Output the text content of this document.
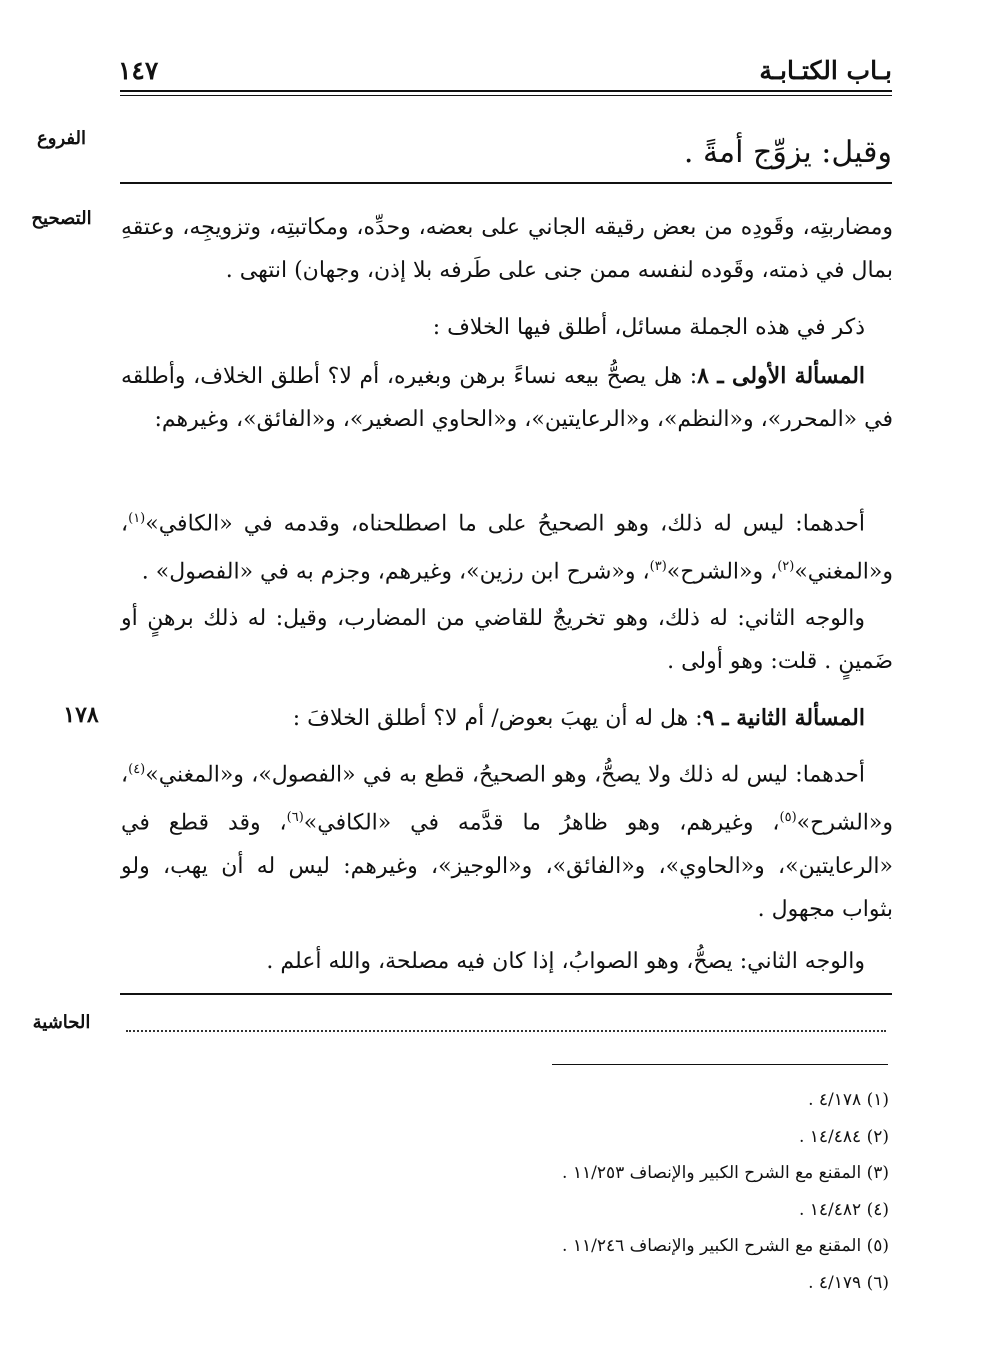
بـاب الكتـابـة
١٤٧
الفروع
التصحيح
الحاشية
وقيل: يزوِّج أمةً .
ومضاربتِه، وقَودِه من بعض رقيقه الجاني على بعضه، وحدِّه، ومكاتبتِه، وتزويجِه، وعتقهِ بمال في ذمته، وقَوده لنفسه ممن جنى على طَرفه بلا إذن، وجهان) انتهى .
ذكر في هذه الجملة مسائل، أطلق فيها الخلاف :
المسألة الأولى ـ ٨: هل يصحُّ بيعه نساءً برهن وبغيره، أم لا؟ أطلق الخلاف، وأطلقه في «المحرر»، و«النظم»، و«الرعايتين»، و«الحاوي الصغير»، و«الفائق»، وغيرهم:
أحدهما: ليس له ذلك، وهو الصحيحُ على ما اصطلحناه، وقدمه في «الكافي»$^{(١)}$، و«المغني»$^{(٢)}$، و«الشرح»$^{(٣)}$، و«شرح ابن رزين»، وغيرهم، وجزم به في «الفصول» .
والوجه الثاني: له ذلك، وهو تخريجٌ للقاضي من المضارب، وقيل: له ذلك برهنٍ أو ضَمينٍ . قلت: وهو أولى .
١٧٨	المسألة الثانية ـ ٩: هل له أن يهبَ بعوض/ أم لا؟ أطلق الخلافَ :
أحدهما: ليس له ذلك ولا يصحُّ، وهو الصحيحُ، قطع به في «الفصول»، و«المغني»$^{(٤)}$، و«الشرح»$^{(٥)}$، وغيرهم، وهو ظاهرُ ما قدَّمه في «الكافي»$^{(٦)}$، وقد قطع في «الرعايتين»، و«الحاوي»، و«الفائق»، و«الوجيز»، وغيرهم: ليس له أن يهب، ولو بثواب مجهول .
والوجه الثاني: يصحُّ، وهو الصوابُ، إذا كان فيه مصلحة، والله أعلم .
(١) ٤/١٧٨ .
(٢) ١٤/٤٨٤ .
(٣) المقنع مع الشرح الكبير والإنصاف ١١/٢٥٣ .
(٤) ١٤/٤٨٢ .
(٥) المقنع مع الشرح الكبير والإنصاف ١١/٢٤٦ .
(٦) ٤/١٧٩ .
